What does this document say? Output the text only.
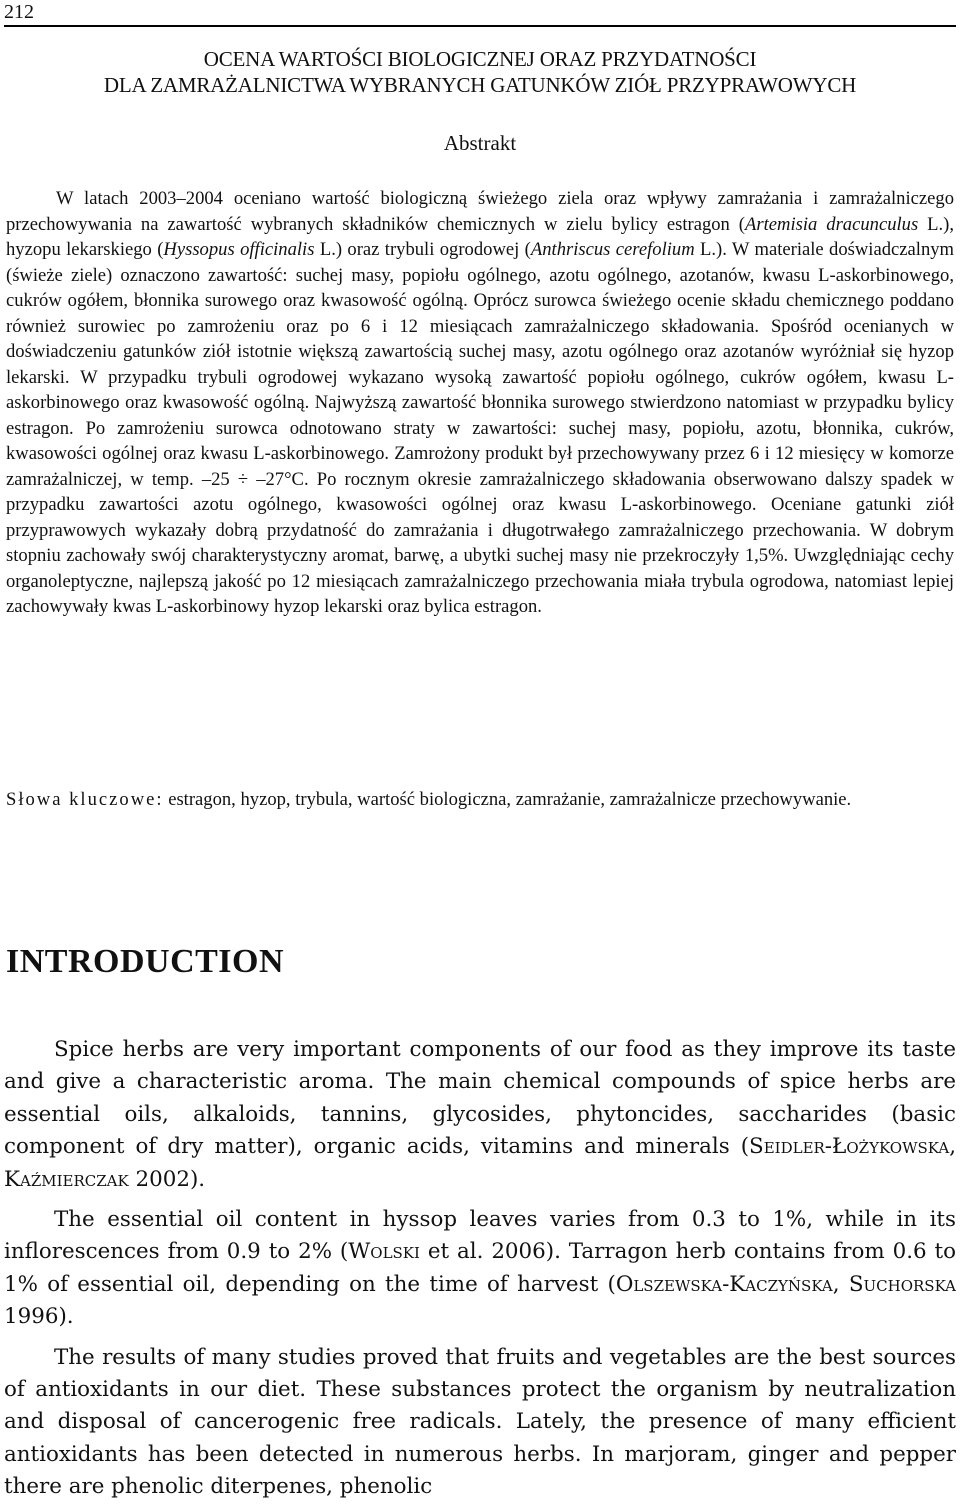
212
OCENA WARTOŚCI BIOLOGICZNEJ ORAZ PRZYDATNOŚCI
DLA ZAMRAŻALNICTWA WYBRANYCH GATUNKÓW ZIÓŁ PRZYPRAWOWYCH
Abstrakt
W latach 2003–2004 oceniano wartość biologiczną świeżego ziela oraz wpływy zamrażania i zamrażalniczego przechowywania na zawartość wybranych składników chemicznych w zielu bylicy estragon (Artemisia dracunculus L.), hyzopu lekarskiego (Hyssopus officinalis L.) oraz trybuli ogrodowej (Anthriscus cerefolium L.). W materiale doświadczalnym (świeże ziele) oznaczono zawartość: suchej masy, popiołu ogólnego, azotu ogólnego, azotanów, kwasu L-askorbinowego, cukrów ogółem, błonnika surowego oraz kwasowość ogólną. Oprócz surowca świeżego ocenie składu chemicznego poddano również surowiec po zamrożeniu oraz po 6 i 12 miesiącach zamrażalniczego składowania. Spośród ocenianych w doświadczeniu gatunków ziół istotnie większą zawartością suchej masy, azotu ogólnego oraz azotanów wyróżniał się hyzop lekarski. W przypadku trybuli ogrodowej wykazano wysoką zawartość popiołu ogólnego, cukrów ogółem, kwasu L-askorbinowego oraz kwasowość ogólną. Najwyższą zawartość błonnika surowego stwierdzono natomiast w przypadku bylicy estragon. Po zamrożeniu surowca odnotowano straty w zawartości: suchej masy, popiołu, azotu, błonnika, cukrów, kwasowości ogólnej oraz kwasu L-askorbinowego. Zamrożony produkt był przechowywany przez 6 i 12 miesięcy w komorze zamrażalniczej, w temp. –25 ÷ –27°C. Po rocznym okresie zamrażalniczego składowania obserwowano dalszy spadek w przypadku zawartości azotu ogólnego, kwasowości ogólnej oraz kwasu L-askorbinowego. Oceniane gatunki ziół przyprawowych wykazały dobrą przydatność do zamrażania i długotrwałego zamrażalniczego przechowania. W dobrym stopniu zachowały swój charakterystyczny aromat, barwę, a ubytki suchej masy nie przekroczyły 1,5%. Uwzględniając cechy organoleptyczne, najlepszą jakość po 12 miesiącach zamrażalniczego przechowania miała trybula ogrodowa, natomiast lepiej zachowywały kwas L-askorbinowy hyzop lekarski oraz bylica estragon.
Słowa kluczowe: estragon, hyzop, trybula, wartość biologiczna, zamrażanie, zamrażalnicze przechowywanie.
INTRODUCTION

Spice herbs are very important components of our food as they improve its taste and give a characteristic aroma. The main chemical compounds of spice herbs are essential oils, alkaloids, tannins, glycosides, phytoncides, saccharides (basic component of dry matter), organic acids, vitamins and minerals (Seidler-Łożykowska, Kaźmierczak 2002).

The essential oil content in hyssop leaves varies from 0.3 to 1%, while in its inflorescences from 0.9 to 2% (Wolski et al. 2006). Tarragon herb contains from 0.6 to 1% of essential oil, depending on the time of harvest (Olszewska-Kaczyńska, Suchorska 1996).

The results of many studies proved that fruits and vegetables are the best sources of antioxidants in our diet. These substances protect the organism by neutralization and disposal of cancerogenic free radicals. Lately, the presence of many efficient antioxidants has been detected in numerous herbs. In marjoram, ginger and pepper there are phenolic diterpenes, phenolic
